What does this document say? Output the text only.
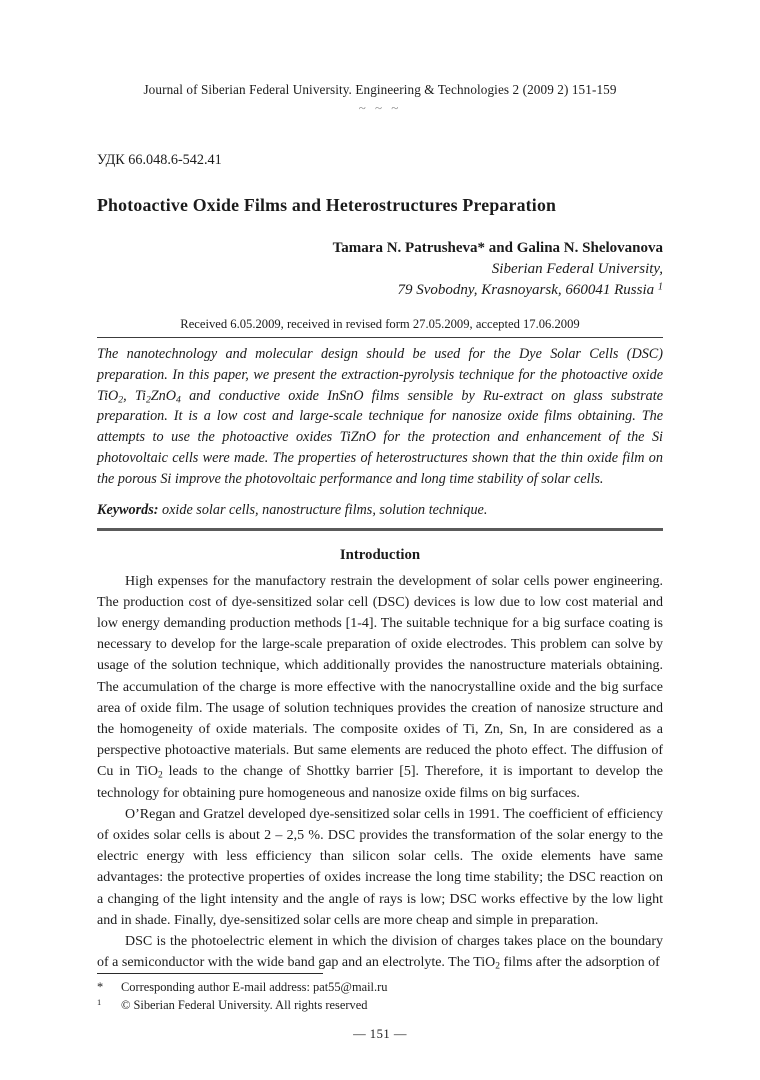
Journal of Siberian Federal University. Engineering & Technologies 2 (2009 2) 151-159
~ ~ ~
УДК 66.048.6-542.41
Photoactive Oxide Films and Heterostructures Preparation
Tamara N. Patrusheva* and Galina N. Shelovanova
Siberian Federal University,
79 Svobodny, Krasnoyarsk, 660041 Russia $^1$
Received 6.05.2009, received in revised form 27.05.2009, accepted 17.06.2009
The nanotechnology and molecular design should be used for the Dye Solar Cells (DSC) preparation. In this paper, we present the extraction-pyrolysis technique for the photoactive oxide TiO$_2$, $Ti_2ZnO_4$ and conductive oxide InSnO films sensible by Ru-extract on glass substrate preparation. It is a low cost and large-scale technique for nanosize oxide films obtaining. The attempts to use the photoactive oxides TiZnO for the protection and enhancement of the Si photovoltaic cells were made. The properties of heterostructures shown that the thin oxide film on the porous Si improve the photovoltaic performance and long time stability of solar cells.
Keywords: oxide solar cells, nanostructure films, solution technique.
Introduction

High expenses for the manufactory restrain the development of solar cells power engineering. The production cost of dye-sensitized solar cell (DSC) devices is low due to low cost material and low energy demanding production methods [1-4]. The suitable technique for a big surface coating is necessary to develop for the large-scale preparation of oxide electrodes. This problem can solve by usage of the solution technique, which additionally provides the nanostructure materials obtaining. The accumulation of the charge is more effective with the nanocrystalline oxide and the big surface area of oxide film. The usage of solution techniques provides the creation of nanosize structure and the homogeneity of oxide materials. The composite oxides of Ti, Zn, Sn, In are considered as a perspective photoactive materials. But same elements are reduced the photo effect. The diffusion of Cu in TiO$_2$ leads to the change of Shottky barrier [5]. Therefore, it is important to develop the technology for obtaining pure homogeneous and nanosize oxide films on big surfaces.

O’Regan and Gratzel developed dye-sensitized solar cells in 1991. The coefficient of efficiency of oxides solar cells is about 2 – 2,5 %. DSC provides the transformation of the solar energy to the electric energy with less efficiency than silicon solar cells. The oxide elements have same advantages: the protective properties of oxides increase the long time stability; the DSC reaction on a changing of the light intensity and the angle of rays is low; DSC works effective by the low light and in shade. Finally, dye-sensitized solar cells are more cheap and simple in preparation.

DSC is the photoelectric element in which the division of charges takes place on the boundary of a semiconductor with the wide band gap and an electrolyte. The TiO$_2$ films after the adsorption of

*	Corresponding author E-mail address: pat55@mail.ru
$^1$	© Siberian Federal University. All rights reserved
— 151 —
